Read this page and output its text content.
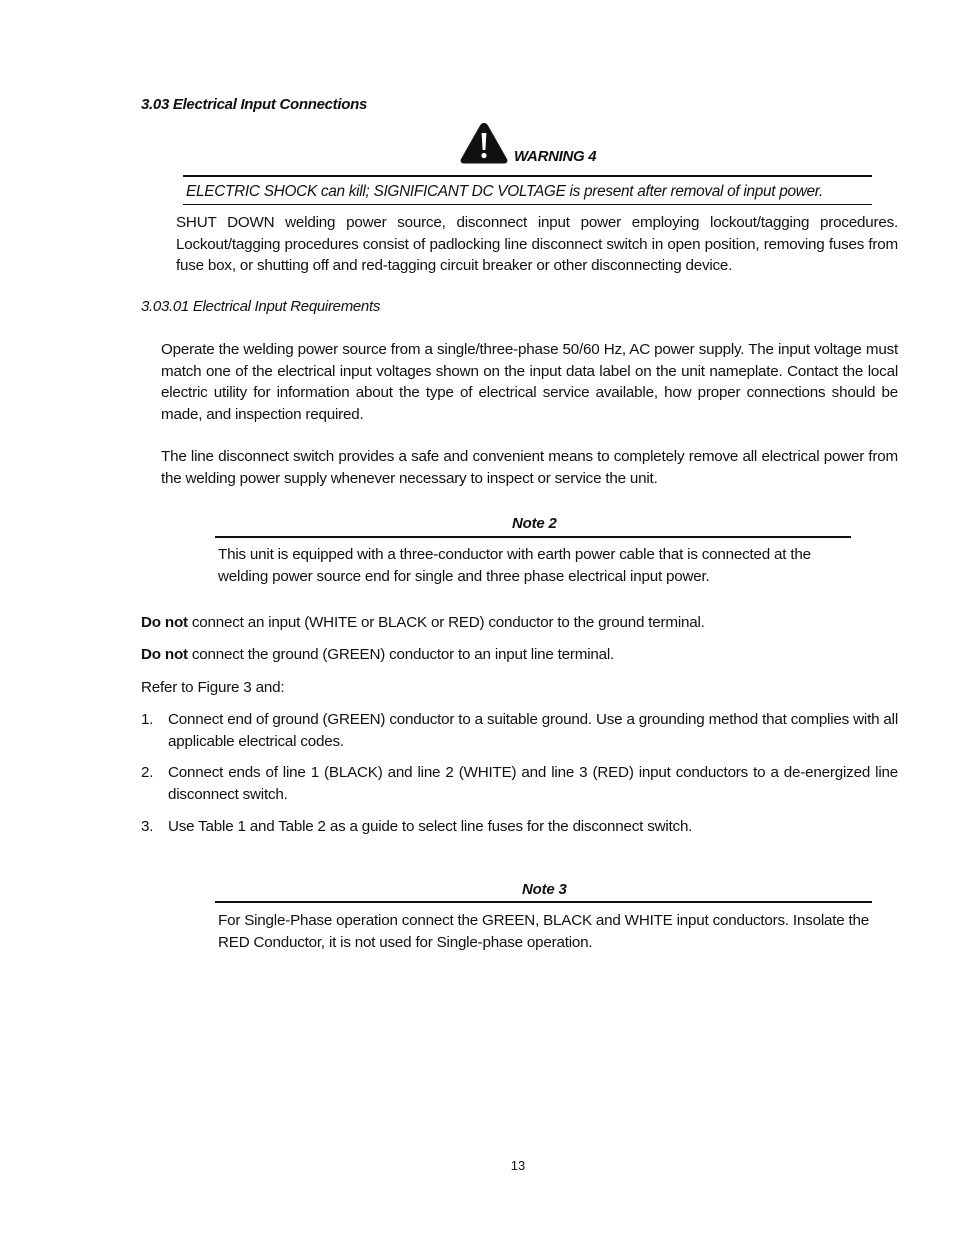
3.03 Electrical Input Connections
WARNING 4
ELECTRIC SHOCK can kill; SIGNIFICANT DC VOLTAGE is present after removal of input power.
SHUT DOWN welding power source, disconnect input power employing lockout/tagging procedures. Lockout/tagging procedures consist of padlocking line disconnect switch in open position, removing fuses from fuse box, or shutting off and red-tagging circuit breaker or other disconnecting device.
3.03.01 Electrical Input Requirements
Operate the welding power source from a single/three-phase 50/60 Hz, AC power supply. The input voltage must match one of the electrical input voltages shown on the input data label on the unit nameplate. Contact the local electric utility for information about the type of electrical service available, how proper connections should be made, and inspection required.
The line disconnect switch provides a safe and convenient means to completely remove all electrical power from the welding power supply whenever necessary to inspect or service the unit.
Note 2
This unit is equipped with a three-conductor with earth power cable that is connected at the welding power source end for single and three phase electrical input power.
Do not connect an input (WHITE or BLACK or RED) conductor to the ground terminal.
Do not connect the ground (GREEN) conductor to an input line terminal.
Refer to Figure 3 and:
1. Connect end of ground (GREEN) conductor to a suitable ground. Use a grounding method that complies with all applicable electrical codes.
2. Connect ends of line 1 (BLACK) and line 2 (WHITE) and line 3 (RED) input conductors to a de-energized line disconnect switch.
3. Use Table 1 and Table 2 as a guide to select line fuses for the disconnect switch.
Note 3
For Single-Phase operation connect the GREEN, BLACK and WHITE input conductors. Insolate the RED Conductor, it is not used for Single-phase operation.
13
